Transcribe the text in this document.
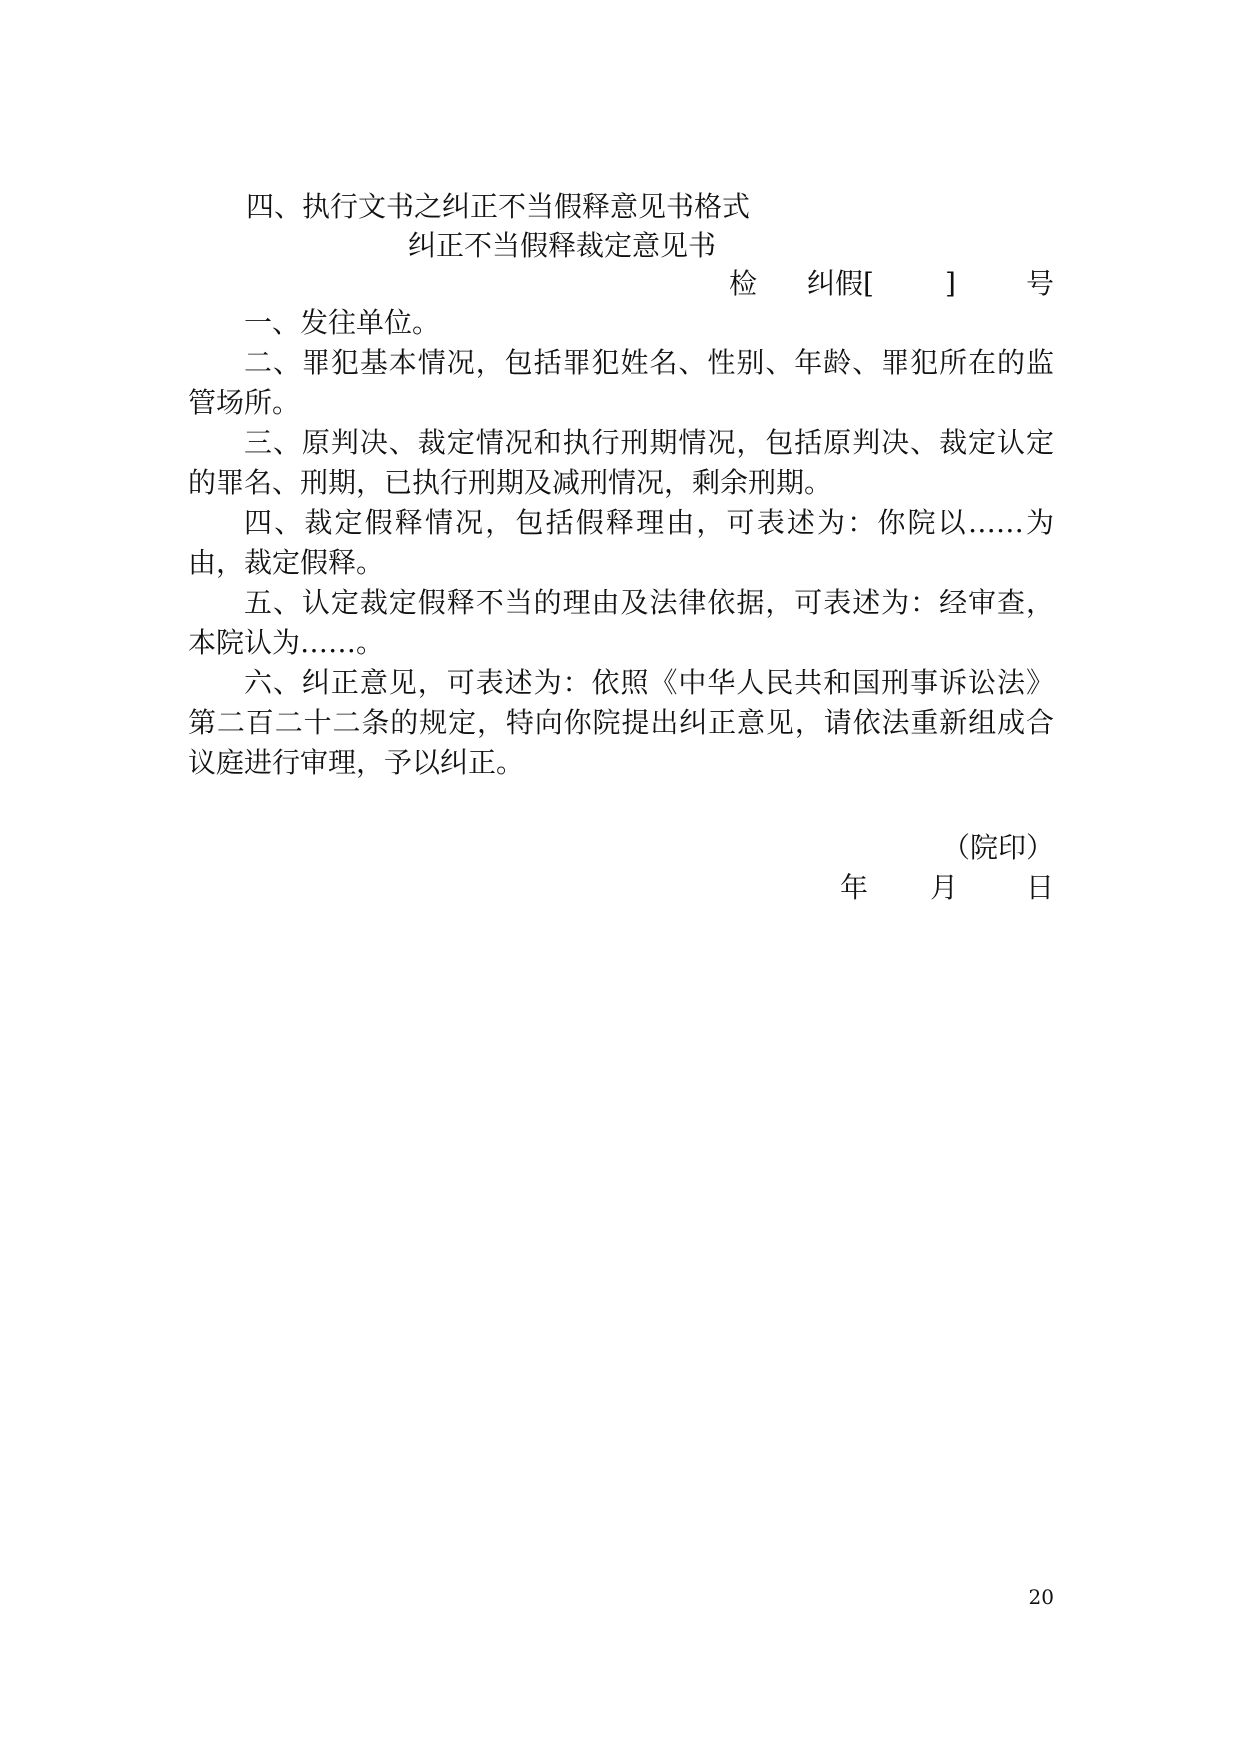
四、执行文书之纠正不当假释意见书格式
纠正不当假释裁定意见书
检 纠假 [	]	号

一、发往单位。

二、罪犯基本情况，包括罪犯姓名、性别、年龄、罪犯所在的监管场所。

三、原判决、裁定情况和执行刑期情况，包括原判决、裁定认定的罪名、刑期，已执行刑期及减刑情况，剩余刑期。

四、裁定假释情况，包括假释理由，可表述为：你院以……为由，裁定假释。

五、认定裁定假释不当的理由及法律依据，可表述为：经审查，本院认为……。

六、纠正意见，可表述为：依照《中华人民共和国刑事诉讼法》第二百二十二条的规定，特向你院提出纠正意见，请依法重新组成合议庭进行审理，予以纠正。

（院印）
年 月 日
20
